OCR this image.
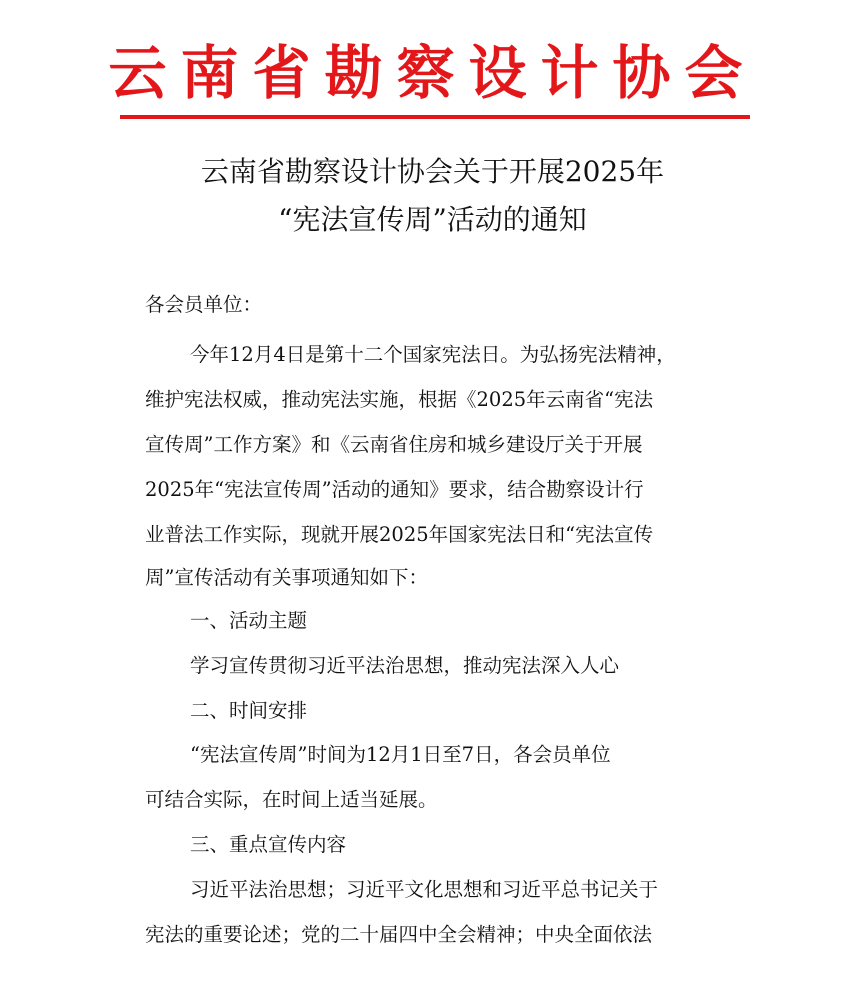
云南省勘察设计协会
云南省勘察设计协会关于开展2025年
“宪法宣传周”活动的通知
各会员单位：
今年12月4日是第十二个国家宪法日。为弘扬宪法精神，
维护宪法权威，推动宪法实施，根据《2025年云南省“宪法
宣传周”工作方案》和《云南省住房和城乡建设厅关于开展
2025年“宪法宣传周”活动的通知》要求，结合勘察设计行
业普法工作实际，现就开展2025年国家宪法日和“宪法宣传
周”宣传活动有关事项通知如下：
一、活动主题
学习宣传贯彻习近平法治思想，推动宪法深入人心
二、时间安排
“宪法宣传周”时间为12月1日至7日，各会员单位
可结合实际，在时间上适当延展。
三、重点宣传内容
习近平法治思想；习近平文化思想和习近平总书记关于
宪法的重要论述；党的二十届四中全会精神；中央全面依法
